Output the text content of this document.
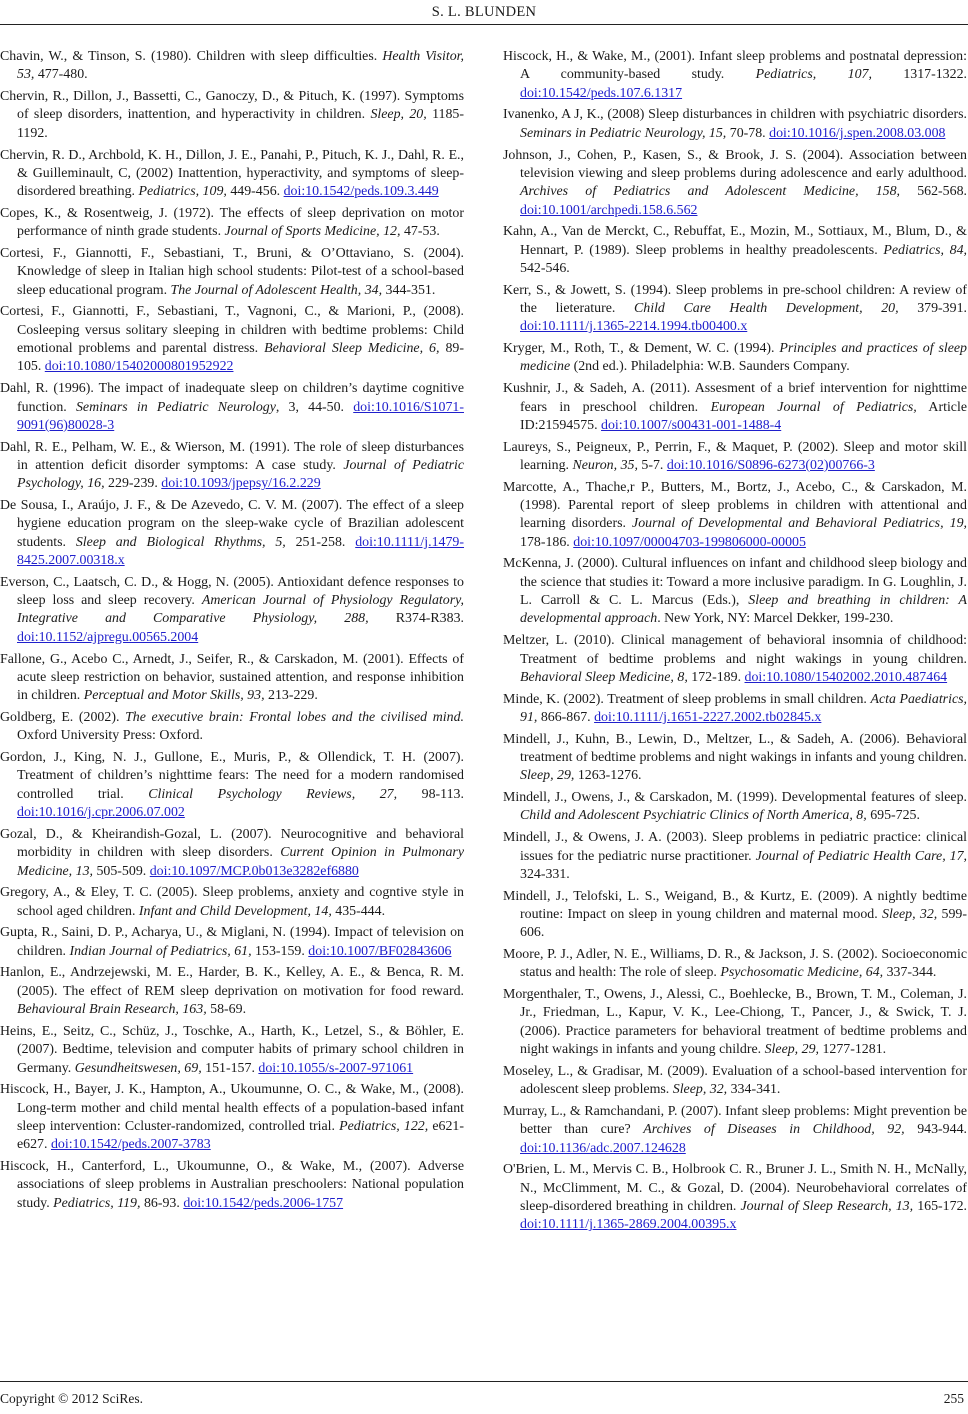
S. L. BLUNDEN

Chavin, W., & Tinson, S. (1980). Children with sleep difficulties. Health Visitor, 53, 477-480.

Chervin, R., Dillon, J., Bassetti, C., Ganoczy, D., & Pituch, K. (1997). Symptoms of sleep disorders, inattention, and hyperactivity in children. Sleep, 20, 1185-1192.

Chervin, R. D., Archbold, K. H., Dillon, J. E., Panahi, P., Pituch, K. J., Dahl, R. E., & Guilleminault, C, (2002) Inattention, hyperactivity, and symptoms of sleep-disordered breathing. Pediatrics, 109, 449-456. doi:10.1542/peds.109.3.449

Copes, K., & Rosentweig, J. (1972). The effects of sleep deprivation on motor performance of ninth grade students. Journal of Sports Medicine, 12, 47-53.

Cortesi, F., Giannotti, F., Sebastiani, T., Bruni, & O’Ottaviano, S. (2004). Knowledge of sleep in Italian high school students: Pilot-test of a school-based sleep educational program. The Journal of Adolescent Health, 34, 344-351.

Cortesi, F., Giannotti, F., Sebastiani, T., Vagnoni, C., & Marioni, P., (2008). Cosleeping versus solitary sleeping in children with bedtime problems: Child emotional problems and parental distress. Behavioral Sleep Medicine, 6, 89-105. doi:10.1080/15402000801952922

Dahl, R. (1996). The impact of inadequate sleep on children’s daytime cognitive function. Seminars in Pediatric Neurology, 3, 44-50. doi:10.1016/S1071-9091(96)80028-3

Dahl, R. E., Pelham, W. E., & Wierson, M. (1991). The role of sleep disturbances in attention deficit disorder symptoms: A case study. Journal of Pediatric Psychology, 16, 229-239. doi:10.1093/jpepsy/16.2.229

De Sousa, I., Araújo, J. F., & De Azevedo, C. V. M. (2007). The effect of a sleep hygiene education program on the sleep-wake cycle of Brazilian adolescent students. Sleep and Biological Rhythms, 5, 251-258. doi:10.1111/j.1479-8425.2007.00318.x

Everson, C., Laatsch, C. D., & Hogg, N. (2005). Antioxidant defence responses to sleep loss and sleep recovery. American Journal of Physiology Regulatory, Integrative and Comparative Physiology, 288, R374-R383. doi:10.1152/ajpregu.00565.2004

Fallone, G., Acebo C., Arnedt, J., Seifer, R., & Carskadon, M. (2001). Effects of acute sleep restriction on behavior, sustained attention, and response inhibition in children. Perceptual and Motor Skills, 93, 213-229.

Goldberg, E. (2002). The executive brain: Frontal lobes and the civilised mind. Oxford University Press: Oxford.

Gordon, J., King, N. J., Gullone, E., Muris, P., & Ollendick, T. H. (2007). Treatment of children’s nighttime fears: The need for a modern randomised controlled trial. Clinical Psychology Reviews, 27, 98-113. doi:10.1016/j.cpr.2006.07.002

Gozal, D., & Kheirandish-Gozal, L. (2007). Neurocognitive and behavioral morbidity in children with sleep disorders. Current Opinion in Pulmonary Medicine, 13, 505-509. doi:10.1097/MCP.0b013e3282ef6880

Gregory, A., & Eley, T. C. (2005). Sleep problems, anxiety and cogntive style in school aged children. Infant and Child Development, 14, 435-444.

Gupta, R., Saini, D. P., Acharya, U., & Miglani, N. (1994). Impact of television on children. Indian Journal of Pediatrics, 61, 153-159. doi:10.1007/BF02843606

Hanlon, E., Andrzejewski, M. E., Harder, B. K., Kelley, A. E., & Benca, R. M. (2005). The effect of REM sleep deprivation on motivation for food reward. Behavioural Brain Research, 163, 58-69.

Heins, E., Seitz, C., Schüz, J., Toschke, A., Harth, K., Letzel, S., & Böhler, E. (2007). Bedtime, television and computer habits of primary school children in Germany. Gesundheitswesen, 69, 151-157. doi:10.1055/s-2007-971061

Hiscock, H., Bayer, J. K., Hampton, A., Ukoumunne, O. C., & Wake, M., (2008). Long-term mother and child mental health effects of a population-based infant sleep intervention: Ccluster-randomized, controlled trial. Pediatrics, 122, e621-e627. doi:10.1542/peds.2007-3783

Hiscock, H., Canterford, L., Ukoumunne, O., & Wake, M., (2007). Adverse associations of sleep problems in Australian preschoolers: National population study. Pediatrics, 119, 86-93. doi:10.1542/peds.2006-1757

Hiscock, H., & Wake, M., (2001). Infant sleep problems and postnatal depression: A community-based study. Pediatrics, 107, 1317-1322. doi:10.1542/peds.107.6.1317

Ivanenko, A J, K., (2008) Sleep disturbances in children with psychiatric disorders. Seminars in Pediatric Neurology, 15, 70-78. doi:10.1016/j.spen.2008.03.008

Johnson, J., Cohen, P., Kasen, S., & Brook, J. S. (2004). Association between television viewing and sleep problems during adolescence and early adulthood. Archives of Pediatrics and Adolescent Medicine, 158, 562-568. doi:10.1001/archpedi.158.6.562

Kahn, A., Van de Merckt, C., Rebuffat, E., Mozin, M., Sottiaux, M., Blum, D., & Hennart, P. (1989). Sleep problems in healthy preadolescents. Pediatrics, 84, 542-546.

Kerr, S., & Jowett, S. (1994). Sleep problems in pre-school children: A review of the lieterature. Child Care Health Development, 20, 379-391. doi:10.1111/j.1365-2214.1994.tb00400.x

Kryger, M., Roth, T., & Dement, W. C. (1994). Principles and practices of sleep medicine (2nd ed.). Philadelphia: W.B. Saunders Company.

Kushnir, J., & Sadeh, A. (2011). Assesment of a brief intervention for nighttime fears in preschool children. European Journal of Pediatrics, Article ID:21594575. doi:10.1007/s00431-001-1488-4

Laureys, S., Peigneux, P., Perrin, F., & Maquet, P. (2002). Sleep and motor skill learning. Neuron, 35, 5-7. doi:10.1016/S0896-6273(02)00766-3

Marcotte, A., Thache,r P., Butters, M., Bortz, J., Acebo, C., & Carskadon, M. (1998). Parental report of sleep problems in children with attentional and learning disorders. Journal of Developmental and Behavioral Pediatrics, 19, 178-186. doi:10.1097/00004703-199806000-00005

McKenna, J. (2000). Cultural influences on infant and childhood sleep biology and the science that studies it: Toward a more inclusive paradigm. In G. Loughlin, J. L. Carroll & C. L. Marcus (Eds.), Sleep and breathing in children: A developmental approach. New York, NY: Marcel Dekker, 199-230.

Meltzer, L. (2010). Clinical management of behavioral insomnia of childhood: Treatment of bedtime problems and night wakings in young children. Behavioral Sleep Medicine, 8, 172-189. doi:10.1080/15402002.2010.487464

Minde, K. (2002). Treatment of sleep problems in small children. Acta Paediatrics, 91, 866-867. doi:10.1111/j.1651-2227.2002.tb02845.x

Mindell, J., Kuhn, B., Lewin, D., Meltzer, L., & Sadeh, A. (2006). Behavioral treatment of bedtime problems and night wakings in infants and young children. Sleep, 29, 1263-1276.

Mindell, J., Owens, J., & Carskadon, M. (1999). Developmental features of sleep. Child and Adolescent Psychiatric Clinics of North America, 8, 695-725.

Mindell, J., & Owens, J. A. (2003). Sleep problems in pediatric practice: clinical issues for the pediatric nurse practitioner. Journal of Pediatric Health Care, 17, 324-331.

Mindell, J., Telofski, L. S., Weigand, B., & Kurtz, E. (2009). A nightly bedtime routine: Impact on sleep in young children and maternal mood. Sleep, 32, 599-606.

Moore, P. J., Adler, N. E., Williams, D. R., & Jackson, J. S. (2002). Socioeconomic status and health: The role of sleep. Psychosomatic Medicine, 64, 337-344.

Morgenthaler, T., Owens, J., Alessi, C., Boehlecke, B., Brown, T. M., Coleman, J. Jr., Friedman, L., Kapur, V. K., Lee-Chiong, T., Pancer, J., & Swick, T. J. (2006). Practice parameters for behavioral treatment of bedtime problems and night wakings in infants and young childre. Sleep, 29, 1277-1281.

Moseley, L., & Gradisar, M. (2009). Evaluation of a school-based intervention for adolescent sleep problems. Sleep, 32, 334-341.

Murray, L., & Ramchandani, P. (2007). Infant sleep problems: Might prevention be better than cure? Archives of Diseases in Childhood, 92, 943-944. doi:10.1136/adc.2007.124628

O'Brien, L. M., Mervis C. B., Holbrook C. R., Bruner J. L., Smith N. H., McNally, N., McClimment, M. C., & Gozal, D. (2004). Neurobehavioral correlates of sleep-disordered breathing in children. Journal of Sleep Research, 13, 165-172. doi:10.1111/j.1365-2869.2004.00395.x

Copyright © 2012 SciRes.	255
